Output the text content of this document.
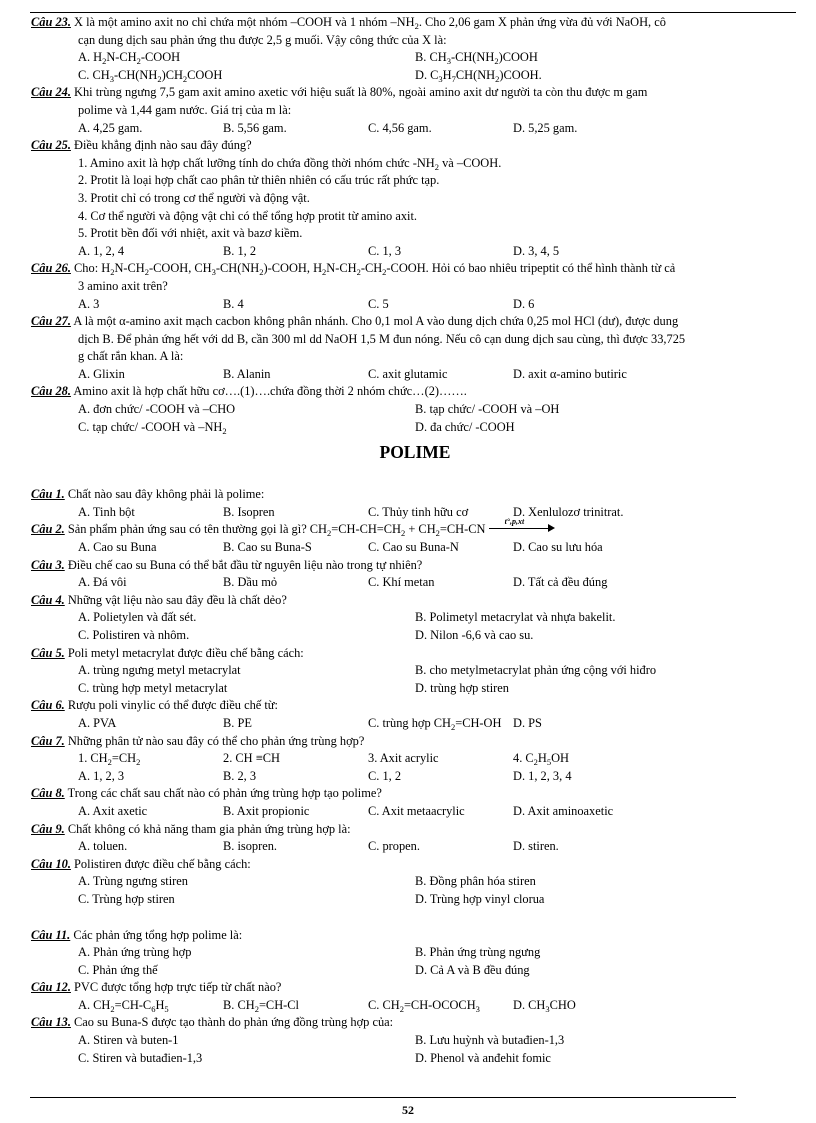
Câu 23. X là một amino axit no chỉ chứa một nhóm –COOH và 1 nhóm $-NH_2$. Cho 2,06 gam X phản ứng vừa đủ với NaOH, cô
cạn dung dịch sau phản ứng thu được 2,5 g muối. Vậy công thức của X là:
A. $H_2N-CH_2$-COOH	B. $CH_3-CH(NH_2)COOH$
C. $CH_3-CH(NH_2)CH_2COOH$	D. $C_3H_7CH(NH_2)COOH$.
Câu 24. Khi trùng ngưng 7,5 gam axit amino axetic với hiệu suất là 80%, ngoài amino axit dư người ta còn thu được m gam
polime và 1,44 gam nước. Giá trị của m là:
A. 4,25 gam.	B. 5,56 gam.	C. 4,56 gam.	D. 5,25 gam.
Câu 25. Điều khẳng định nào sau đây đúng?
1. Amino axit là hợp chất lưỡng tính do chứa đồng thời nhóm chức $-NH_2$ và –COOH.
2. Protit là loại hợp chất cao phân tử thiên nhiên có cấu trúc rất phức tạp.
3. Protit chỉ có trong cơ thể người và động vật.
4. Cơ thể người và động vật chỉ có thể tổng hợp protit từ amino axit.
5. Protit bền đối với nhiệt, axit và bazơ kiềm.
A. 1, 2, 4	B. 1, 2	C. 1, 3	D. 3, 4, 5
Câu 26. Cho: $H_2N-CH_2$-COOH, $CH_3-CH(NH_2)$-COOH, $H_2N-CH_2-CH_2$-COOH. Hỏi có bao nhiêu tripeptit có thể hình thành từ cả
3 amino axit trên?
A. 3	B. 4	C. 5	D. 6
Câu 27. A là một α-amino axit mạch cacbon không phân nhánh. Cho 0,1 mol A vào dung dịch chứa 0,25 mol HCl (dư), được dung
dịch B. Để phản ứng hết với dd B, cần 300 ml dd NaOH 1,5 M đun nóng. Nếu cô cạn dung dịch sau cùng, thì được 33,725
g chất rắn khan. A là:
A. Glixin	B. Alanin	C. axit glutamic	D. axit α-amino butiric
Câu 28. Amino axit là hợp chất hữu cơ….(1)….chứa đồng thời 2 nhóm chức…(2)…….
A. đơn chức/ -COOH và –CHO	B. tạp chức/ -COOH và –OH
C. tạp chức/ -COOH và $-NH_2$	D. đa chức/ -COOH
POLIME
Câu 1. Chất nào sau đây không phải là polime:
A. Tinh bột	B. Isopren	C. Thủy tinh hữu cơ	D. Xenlulozơ trinitrat.
Câu 2. Sản phẩm phản ứng sau có tên thường gọi là gì? $CH_2=CH-CH=CH_2 + CH_2=CH-CN$
t°,p,xt
A. Cao su Buna	B. Cao su Buna-S	C. Cao su Buna-N	D. Cao su lưu hóa
Câu 3. Điều chế cao su Buna có thể bắt đầu từ nguyên liệu nào trong tự nhiên?
A. Đá vôi	B. Dầu mỏ	C. Khí metan	D. Tất cả đều đúng
Câu 4. Những vật liệu nào sau đây đều là chất dẻo?
A. Polietylen và đất sét.	B. Polimetyl metacrylat và nhựa bakelit.
C. Polistiren và nhôm.	D. Nilon -6,6 và cao su.
Câu 5. Poli metyl metacrylat được điều chế bằng cách:
A. trùng ngưng metyl metacrylat	B. cho metylmetacrylat phản ứng cộng với hiđro
C. trùng hợp metyl metacrylat	D. trùng hợp stiren
Câu 6. Rượu poli vinylic có thể được điều chế từ:
A. PVA	B. PE	C. trùng hợp $CH_2=CH-OH$ D. PS
Câu 7. Những phân tử nào sau đây có thể cho phản ứng trùng hợp?
1. $CH_2=CH_2$	2. CH ≡CH	3. Axit acrylic	4. $C_2H_5OH$
A. 1, 2, 3	B. 2, 3	C. 1, 2	D. 1, 2, 3, 4
Câu 8. Trong các chất sau chất nào có phản ứng trùng hợp tạo polime?
A. Axit axetic	B. Axit propionic	C. Axit metaacrylic	D. Axit aminoaxetic
Câu 9. Chất không có khả năng tham gia phản ứng trùng hợp là:
A. toluen.	B. isopren.	C. propen.	D. stiren.
Câu 10. Polistiren được điều chế bằng cách:
A. Trùng ngưng stiren	B. Đồng phân hóa stiren
C. Trùng hợp stiren	D. Trùng hợp vinyl clorua
Câu 11. Các phản ứng tổng hợp polime là:
A. Phản ứng trùng hợp	B. Phản ứng trùng ngưng
C. Phản ứng thế	D. Cả A và B đều đúng
Câu 12. PVC được tổng hợp trực tiếp từ chất nào?
A. $CH_2=CH-C_6H_5$	B. $CH_2=CH-Cl$	C. $CH_2=CH-OCOCH_3$	D. $CH_3CHO$
Câu 13. Cao su Buna-S được tạo thành do phản ứng đồng trùng hợp của:
A. Stiren và buten-1	B. Lưu huỳnh và butađien-1,3
C. Stiren và butađien-1,3	D. Phenol và anđehit fomic
52
